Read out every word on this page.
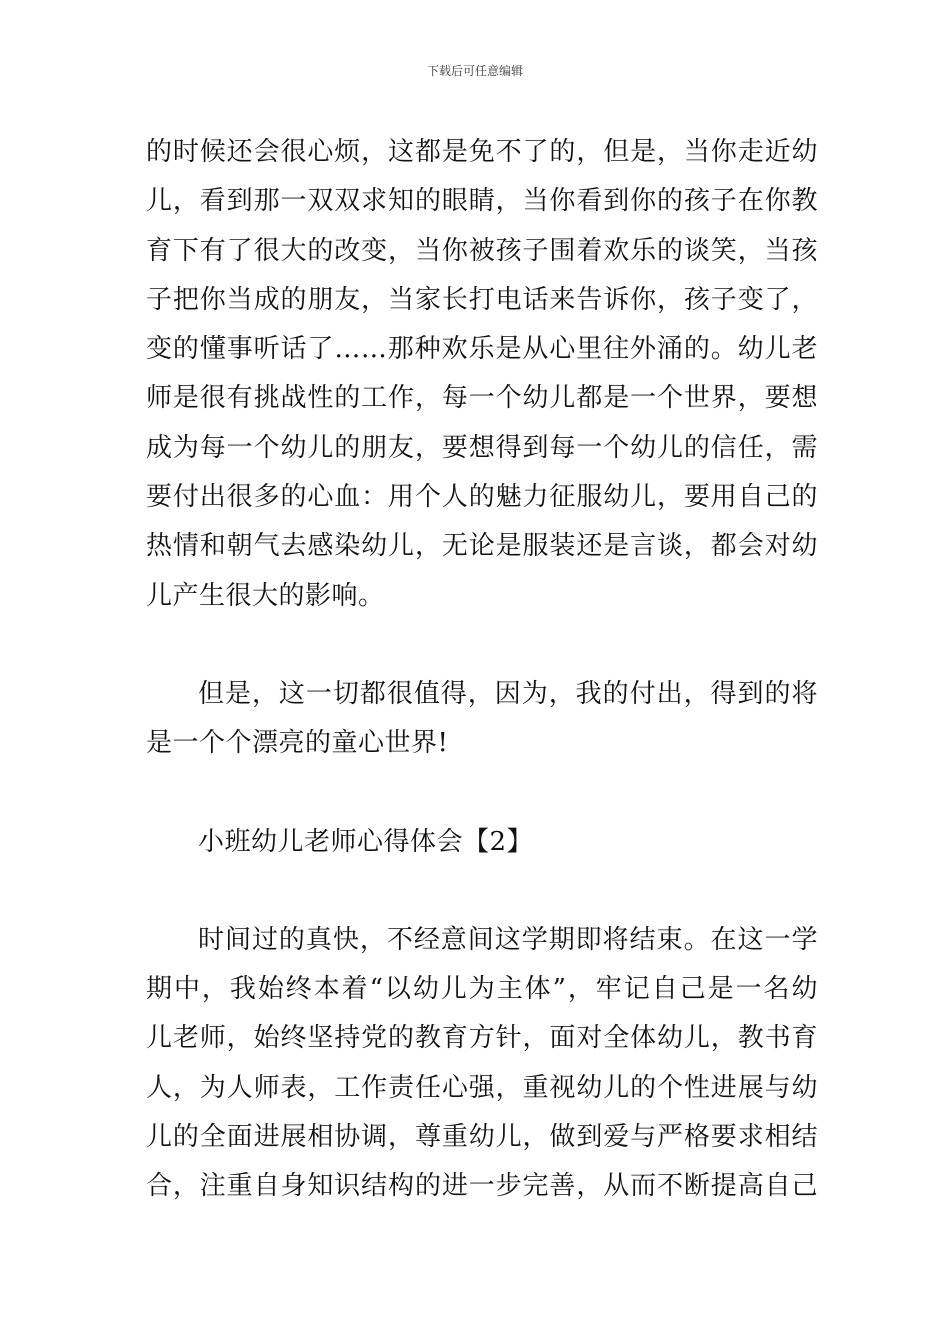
下载后可任意编辑
的时候还会很心烦，这都是免不了的，但是，当你走近幼
儿，看到那一双双求知的眼睛，当你看到你的孩子在你教
育下有了很大的改变，当你被孩子围着欢乐的谈笑，当孩
子把你当成的朋友，当家长打电话来告诉你，孩子变了，
变的懂事听话了……那种欢乐是从心里往外涌的。幼儿老
师是很有挑战性的工作，每一个幼儿都是一个世界，要想
成为每一个幼儿的朋友，要想得到每一个幼儿的信任，需
要付出很多的心血：用个人的魅力征服幼儿，要用自己的
热情和朝气去感染幼儿，无论是服装还是言谈，都会对幼
儿产生很大的影响。
但是，这一切都很值得，因为，我的付出，得到的将
是一个个漂亮的童心世界!
小班幼儿老师心得体会【2】
时间过的真快，不经意间这学期即将结束。在这一学
期中，我始终本着“以幼儿为主体”，牢记自己是一名幼
儿老师，始终坚持党的教育方针，面对全体幼儿，教书育
人，为人师表，工作责任心强，重视幼儿的个性进展与幼
儿的全面进展相协调，尊重幼儿，做到爱与严格要求相结
合，注重自身知识结构的进一步完善，从而不断提高自己
